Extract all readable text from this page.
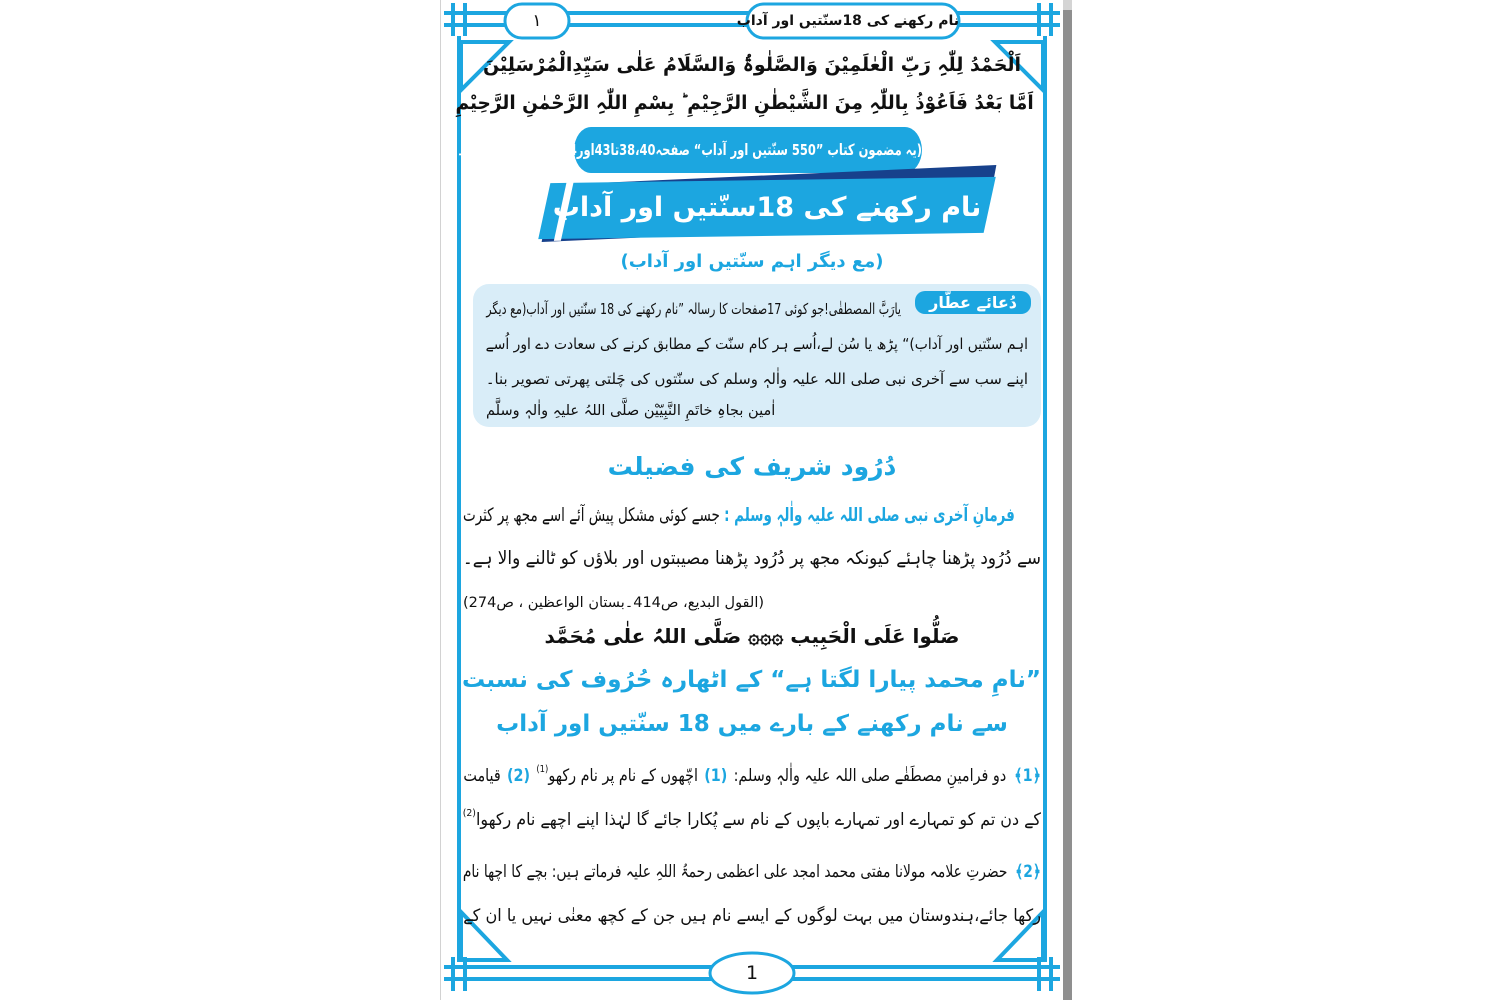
نام رکھنے کی 18سنّتیں اور آداب
١
اَلْحَمْدُ لِلّٰہِ رَبِّ الْعٰلَمِیْنَ وَالصَّلٰوۃُ وَالسَّلَامُ عَلٰی سَیِّدِالْمُرْسَلِیْنَ
اَمَّا بَعْدُ فَاَعُوْذُ بِاللّٰہِ مِنَ الشَّیْطٰنِ الرَّجِیْمِ ؕ بِسْمِ اللّٰہِ الرَّحْمٰنِ الرَّحِیْمِ
(یہ مضمون کتاب ”550 سنّتیں اور آداب“ صفحہ38،40تا43اور54تا68سے لیا گیا ہے۔)
نام رکھنے کی 18سنّتیں اور آداب
(مع دیگر اہم سنّتیں اور آداب)
دُعائے عطّار
یارَبَّ المصطفٰی!جو کوئی 17صفحات کا رسالہ ”نام رکھنے کی 18 سنّتیں اور آداب(مع دیگر
اہم سنّتیں اور آداب)“ پڑھ یا سُن لے،اُسے ہر کام سنّت کے مطابق کرنے کی سعادت دے اور اُسے
اپنے سب سے آخری نبی صلی اللہ علیہ واٰلہٖ وسلم کی سنّتوں کی چَلتی پھرتی تصویر بنا۔
اٰمین بجاہِ خاتَمِ النَّبِیّیْن صلَّی اللہُ علیہِ واٰلہٖ وسلَّم
دُرُود شریف کی فضیلت
فرمانِ آخری نبی صلی اللہ علیہ واٰلہٖ وسلم : جسے کوئی مشکل پیش آئے اسے مجھ پر کثرت
سے دُرُود پڑھنا چاہئے کیونکہ مجھ پر دُرُود پڑھنا مصیبتوں اور بلاؤں کو ٹالنے والا ہے۔
(القول البدیع، ص414۔بستان الواعظین ، ص274)
صَلُّوا عَلَی الْحَبِیب ۞۞۞ صَلَّی اللہُ علٰی مُحَمَّد
”نامِ محمد پیارا لگتا ہے“ کے اٹھارہ حُرُوف کی نسبت
سے نام رکھنے کے بارے میں 18 سنّتیں اور آداب
﴿1﴾ دو فرامینِ مصطَفٰے صلی اللہ علیہ واٰلہٖ وسلم: (1) اچّھوں کے نام پر نام رکھو$^{(1)}$ (2) قیامت
کے دن تم کو تمہارے اور تمہارے باپوں کے نام سے پُکارا جائے گا لہٰذا اپنے اچھے نام رکھوا$^{(2)}$
﴿2﴾ حضرتِ علامہ مولانا مفتی محمد امجد علی اعظمی رحمۃُ اللہِ علیہ فرماتے ہیں: بچے کا اچھا نام
رکھا جائے،ہندوستان میں بہت لوگوں کے ایسے نام ہیں جن کے کچھ معنٰی نہیں یا ان کے
1
